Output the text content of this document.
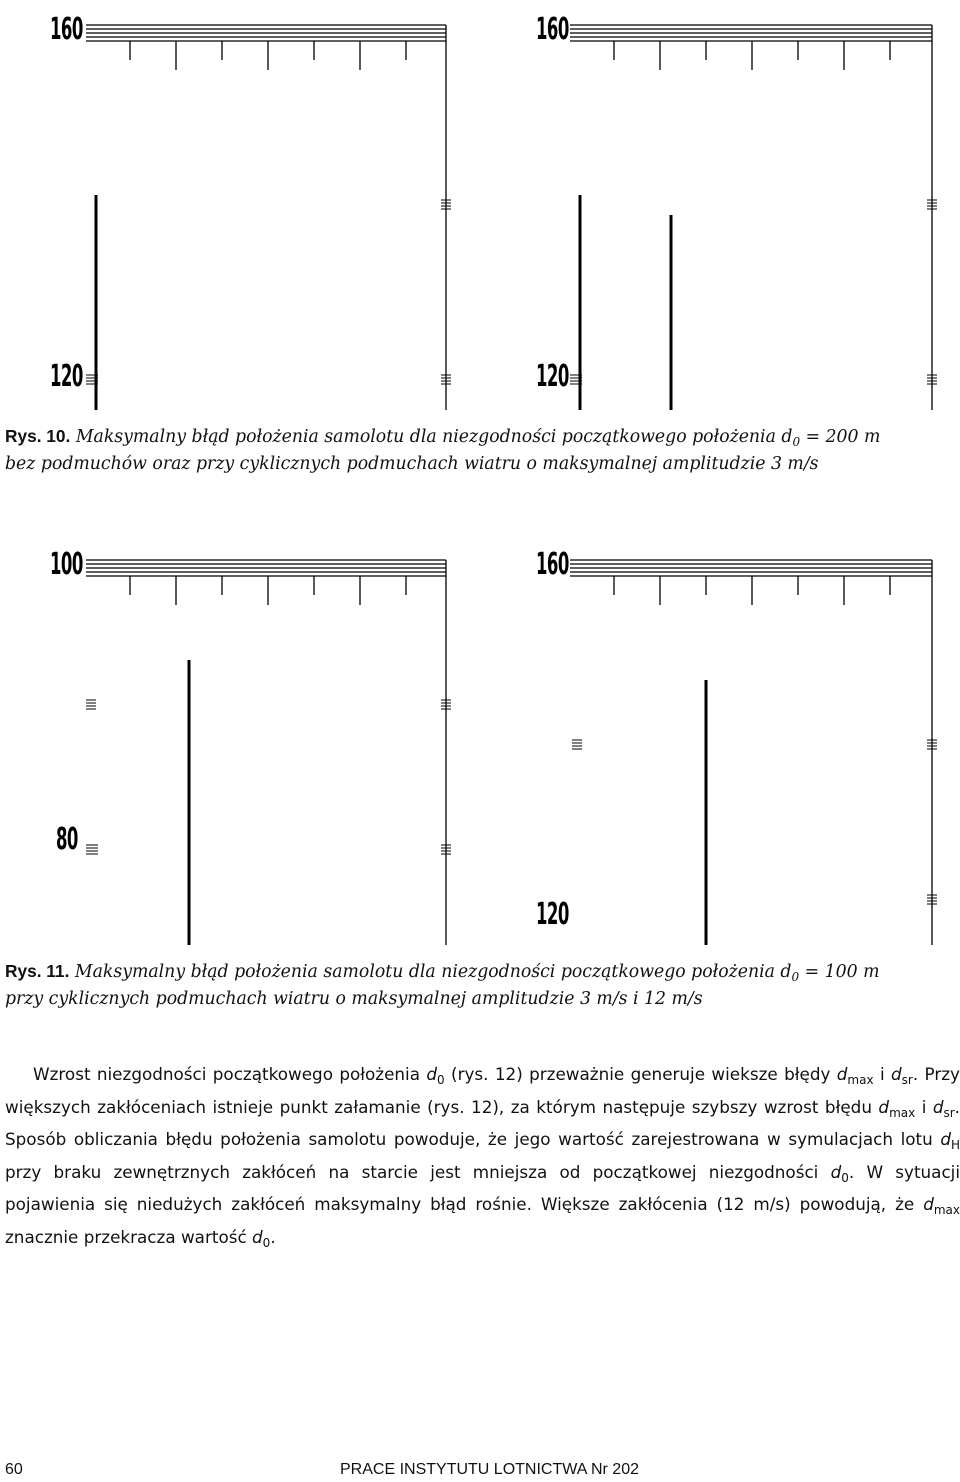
160
120
160
120
Rys. 10. Maksymalny błąd położenia samolotu dla niezgodności początkowego położenia $d_0 = 200$ m
bez podmuchów oraz przy cyklicznych podmuchach wiatru o maksymalnej amplitudzie 3 m/s
100
80
160
120
Rys. 11. Maksymalny błąd położenia samolotu dla niezgodności początkowego położenia $d_0 = 100$ m
przy cyklicznych podmuchach wiatru o maksymalnej amplitudzie 3 m/s i 12 m/s
Wzrost niezgodności początkowego położenia $d_0$ (rys. 12) przeważnie generuje wieksze błędy $d_{max}$ i $d_{sr}$. Przy większych zakłóceniach istnieje punkt załamanie (rys. 12), za którym następuje szybszy wzrost błędu $d_{max}$ i $d_{sr}$. Sposób obliczania błędu położenia samolotu powoduje, że jego wartość zarejestrowana w symulacjach lotu $d_H$ przy braku zewnętrznych zakłóceń na starcie jest mniejsza od początkowej niezgodności $d_0$. W sytuacji pojawienia się niedużych zakłóceń maksymalny błąd rośnie. Większe zakłócenia (12 m/s) powodują, że $d_{max}$ znacznie przekracza wartość $d_0$.
60	PRACE INSTYTUTU LOTNICTWA Nr 202
